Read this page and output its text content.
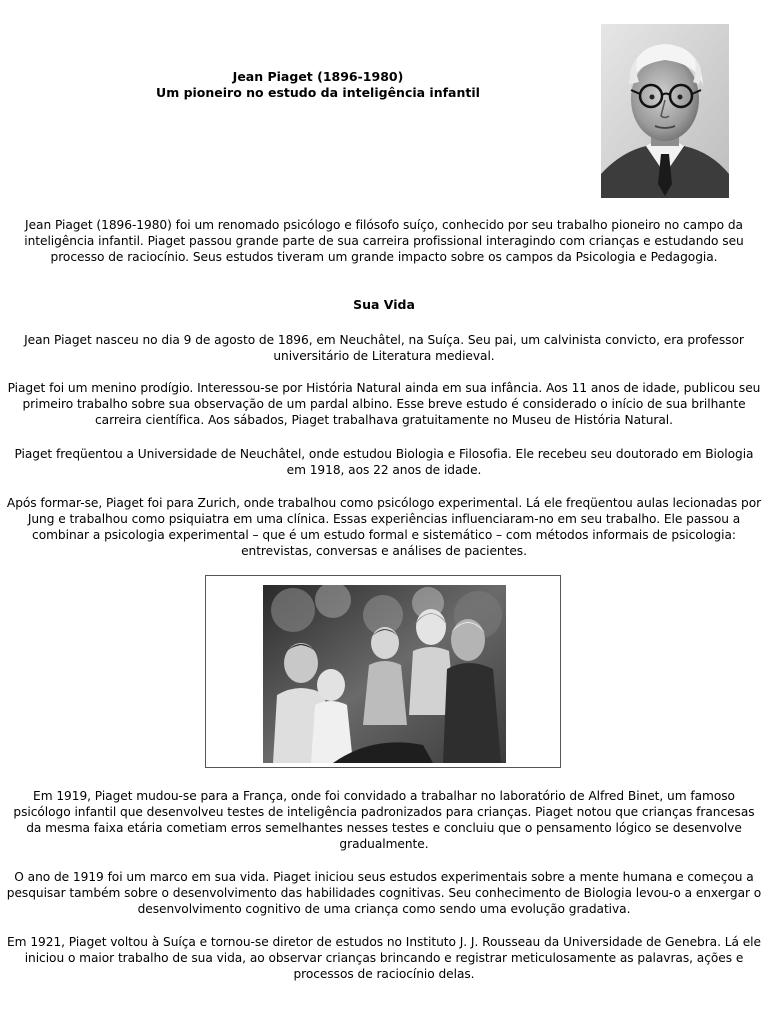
Jean Piaget (1896-1980)
Um pioneiro no estudo da inteligência infantil

Jean Piaget (1896-1980) foi um renomado psicólogo e filósofo suíço, conhecido por seu trabalho pioneiro no campo da inteligência infantil. Piaget passou grande parte de sua carreira profissional interagindo com crianças e estudando seu processo de raciocínio. Seus estudos tiveram um grande impacto sobre os campos da Psicologia e Pedagogia.

Sua Vida

Jean Piaget nasceu no dia 9 de agosto de 1896, em Neuchâtel, na Suíça. Seu pai, um calvinista convicto, era professor universitário de Literatura medieval.

Piaget foi um menino prodígio. Interessou-se por História Natural ainda em sua infância. Aos 11 anos de idade, publicou seu primeiro trabalho sobre sua observação de um pardal albino. Esse breve estudo é considerado o início de sua brilhante carreira científica. Aos sábados, Piaget trabalhava gratuitamente no Museu de História Natural.

Piaget freqüentou a Universidade de Neuchâtel, onde estudou Biologia e Filosofia. Ele recebeu seu doutorado em Biologia em 1918, aos 22 anos de idade.

Após formar-se, Piaget foi para Zurich, onde trabalhou como psicólogo experimental. Lá ele freqüentou aulas lecionadas por Jung e trabalhou como psiquiatra em uma clínica. Essas experiências influenciaram-no em seu trabalho. Ele passou a combinar a psicologia experimental – que é um estudo formal e sistemático – com métodos informais de psicologia: entrevistas, conversas e análises de pacientes.

Em 1919, Piaget mudou-se para a França, onde foi convidado a trabalhar no laboratório de Alfred Binet, um famoso psicólogo infantil que desenvolveu testes de inteligência padronizados para crianças. Piaget notou que crianças francesas da mesma faixa etária cometiam erros semelhantes nesses testes e concluiu que o pensamento lógico se desenvolve gradualmente.

O ano de 1919 foi um marco em sua vida. Piaget iniciou seus estudos experimentais sobre a mente humana e começou a pesquisar também sobre o desenvolvimento das habilidades cognitivas. Seu conhecimento de Biologia levou-o a enxergar o desenvolvimento cognitivo de uma criança como sendo uma evolução gradativa.

Em 1921, Piaget voltou à Suíça e tornou-se diretor de estudos no Instituto J. J. Rousseau da Universidade de Genebra. Lá ele iniciou o maior trabalho de sua vida, ao observar crianças brincando e registrar meticulosamente as palavras, ações e processos de raciocínio delas.
